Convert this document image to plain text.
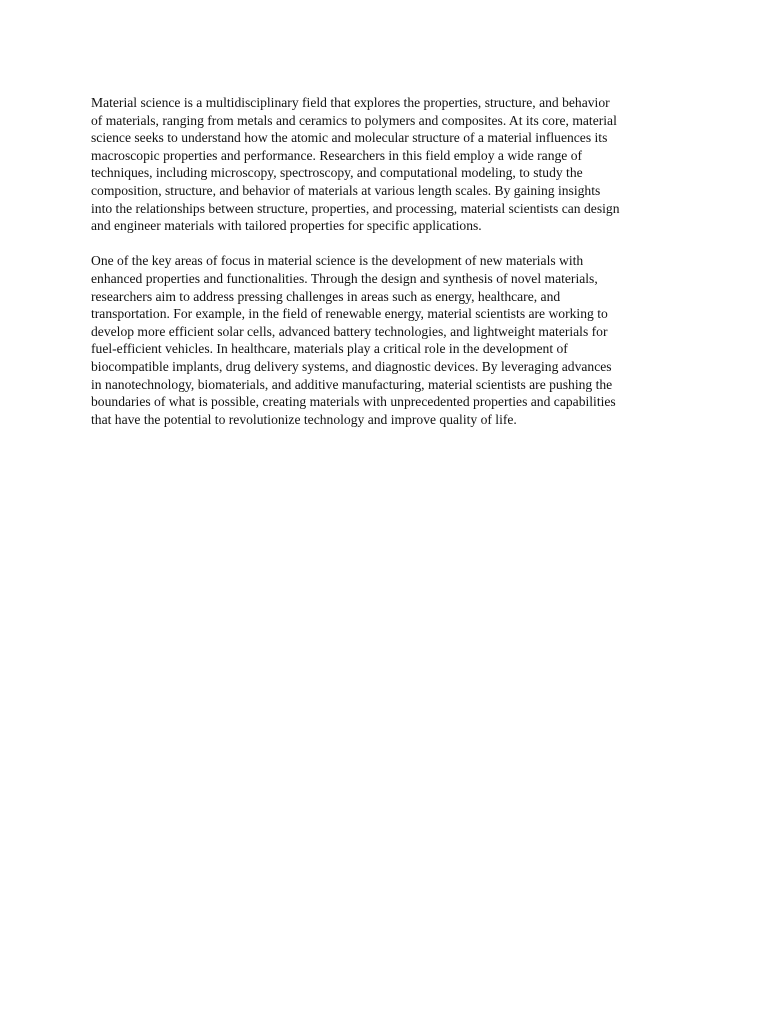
Material science is a multidisciplinary field that explores the properties, structure, and behavior
of materials, ranging from metals and ceramics to polymers and composites. At its core, material
science seeks to understand how the atomic and molecular structure of a material influences its
macroscopic properties and performance. Researchers in this field employ a wide range of
techniques, including microscopy, spectroscopy, and computational modeling, to study the
composition, structure, and behavior of materials at various length scales. By gaining insights
into the relationships between structure, properties, and processing, material scientists can design
and engineer materials with tailored properties for specific applications.

One of the key areas of focus in material science is the development of new materials with
enhanced properties and functionalities. Through the design and synthesis of novel materials,
researchers aim to address pressing challenges in areas such as energy, healthcare, and
transportation. For example, in the field of renewable energy, material scientists are working to
develop more efficient solar cells, advanced battery technologies, and lightweight materials for
fuel-efficient vehicles. In healthcare, materials play a critical role in the development of
biocompatible implants, drug delivery systems, and diagnostic devices. By leveraging advances
in nanotechnology, biomaterials, and additive manufacturing, material scientists are pushing the
boundaries of what is possible, creating materials with unprecedented properties and capabilities
that have the potential to revolutionize technology and improve quality of life.
